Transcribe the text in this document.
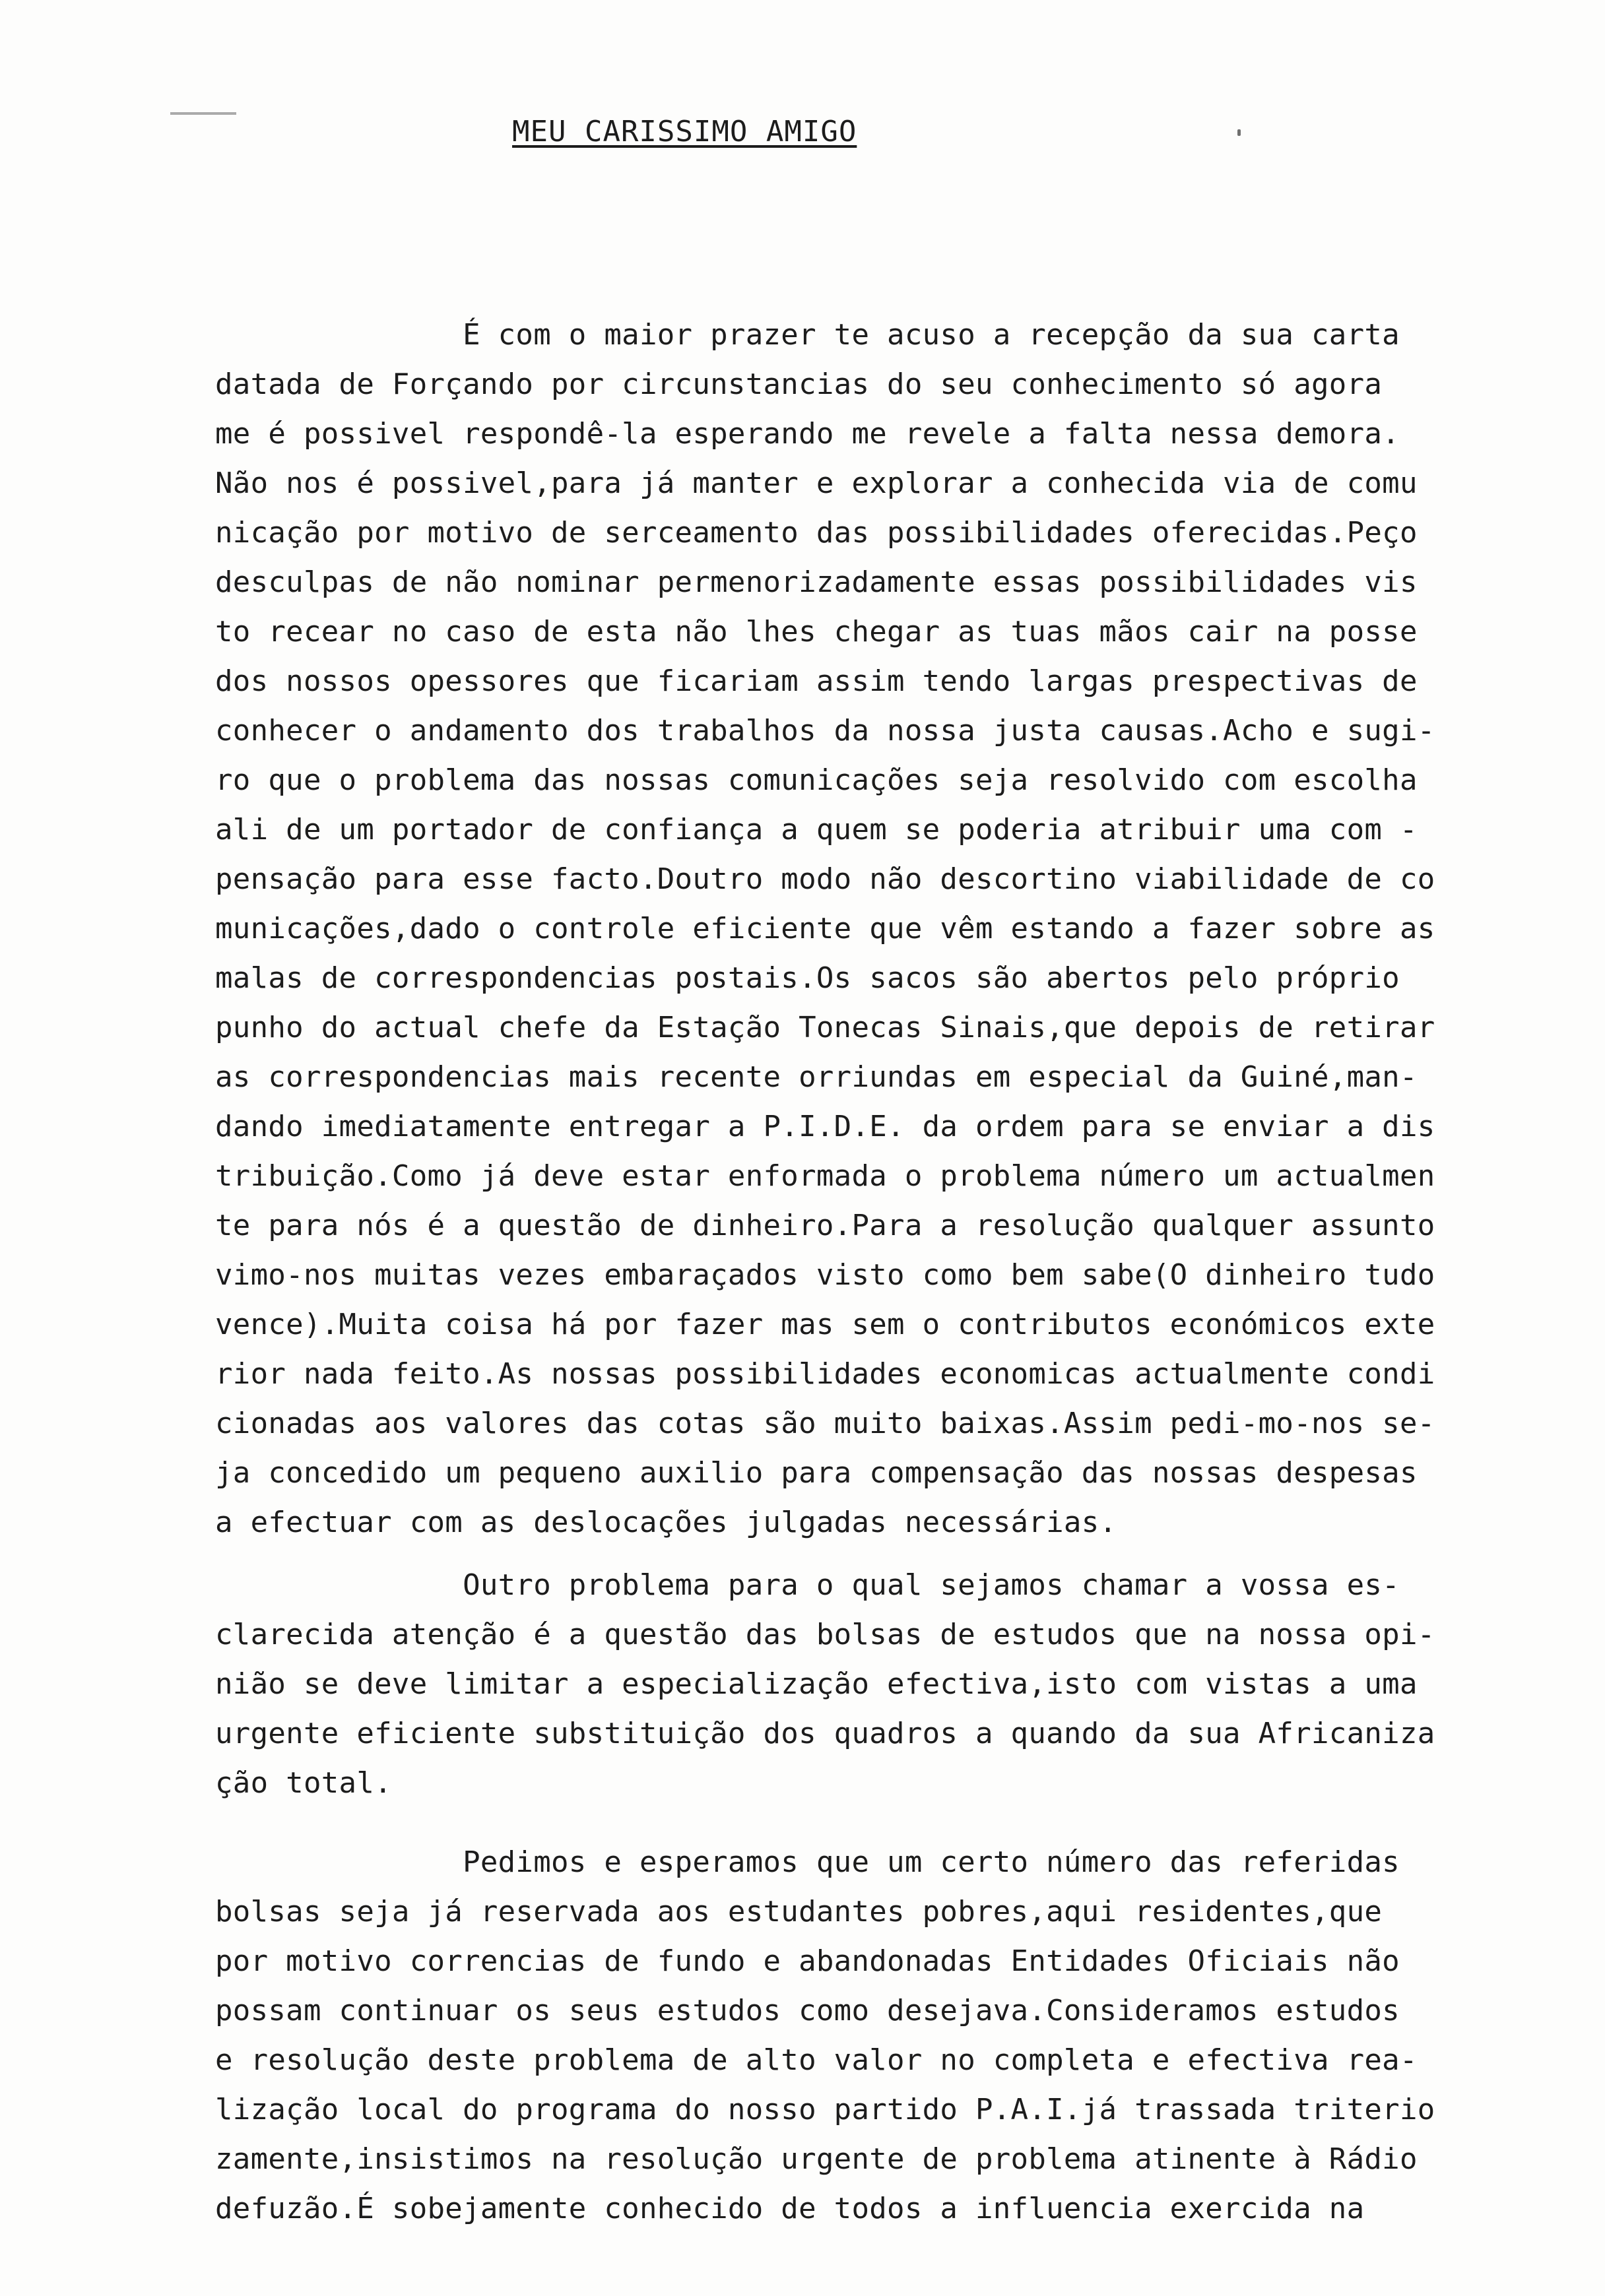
MEU CARISSIMO AMIGO
É com o maior prazer te acuso a recepção da sua carta
datada de Forçando por circunstancias do seu conhecimento só agora
me é possivel respondê-la esperando me revele a falta nessa demora.
Não nos é possivel,para já manter e explorar a conhecida via de comu
nicação por motivo de serceamento das possibilidades oferecidas.Peço
desculpas de não nominar permenorizadamente essas possibilidades vis
to recear no caso de esta não lhes chegar as tuas mãos cair na posse
dos nossos opessores que ficariam assim tendo largas prespectivas de
conhecer o andamento dos trabalhos da nossa justa causas.Acho e sugi-
ro que o problema das nossas comunicações seja resolvido com escolha
ali de um portador de confiança a quem se poderia atribuir uma com -
pensação para esse facto.Doutro modo não descortino viabilidade de co
municações,dado o controle eficiente que vêm estando a fazer sobre as
malas de correspondencias postais.Os sacos são abertos pelo próprio
punho do actual chefe da Estação Tonecas Sinais,que depois de retirar
as correspondencias mais recente orriundas em especial da Guiné,man-
dando imediatamente entregar a P.I.D.E. da ordem para se enviar a dis
tribuição.Como já deve estar enformada o problema número um actualmen
te para nós é a questão de dinheiro.Para a resolução qualquer assunto
vimo-nos muitas vezes embaraçados visto como bem sabe(O dinheiro tudo
vence).Muita coisa há por fazer mas sem o contributos económicos exte
rior nada feito.As nossas possibilidades economicas actualmente condi
cionadas aos valores das cotas são muito baixas.Assim pedi-mo-nos se-
ja concedido um pequeno auxilio para compensação das nossas despesas
a efectuar com as deslocações julgadas necessárias.
Outro problema para o qual sejamos chamar a vossa es-
clarecida atenção é a questão das bolsas de estudos que na nossa opi-
nião se deve limitar a especialização efectiva,isto com vistas a uma
urgente eficiente substituição dos quadros a quando da sua Africaniza
ção total.
Pedimos e esperamos que um certo número das referidas
bolsas seja já reservada aos estudantes pobres,aqui residentes,que
por motivo correncias de fundo e abandonadas Entidades Oficiais não
possam continuar os seus estudos como desejava.Consideramos estudos
e resolução deste problema de alto valor no completa e efectiva rea-
lização local do programa do nosso partido P.A.I.já trassada triterio
zamente,insistimos na resolução urgente de problema atinente à Rádio
defuzão.É sobejamente conhecido de todos a influencia exercida na
